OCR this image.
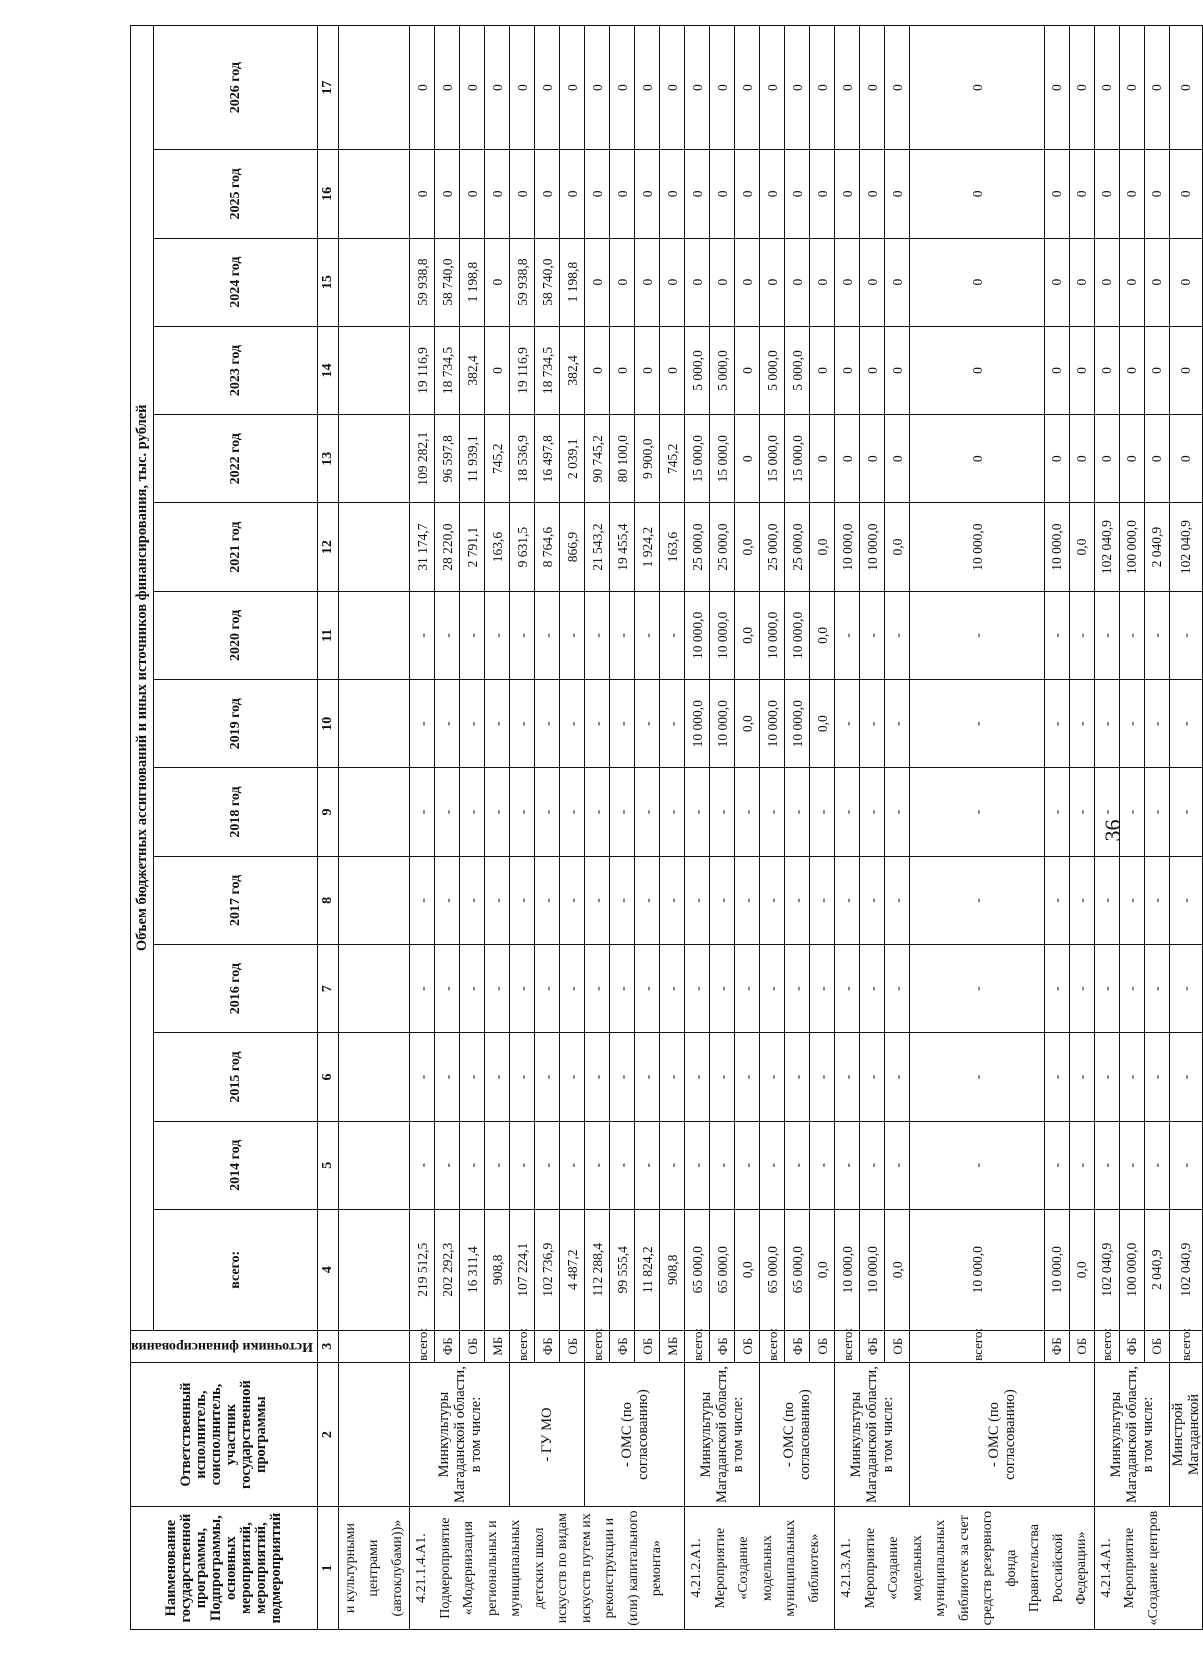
36
Наименование государственной программы, Подпрограммы, основных мероприятий, мероприятий, подмероприятий	Ответственный исполнитель, соисполнитель, участник государственной программы	Источники финансирования	Объем бюджетных ассигнований и иных источников финансирования, тыс. рублей													
			всего:	2014 год	2015 год	2016 год	2017 год	2018 год	2019 год	2020 год	2021 год	2022 год	2023 год	2024 год	2025 год	2026 год
1	2	3	4	5	6	7	8	9	10	11	12	13	14	15	16	17
и культурными центрами (автоклубами))»																
4.21.1.4.А1. Подмероприятие «Модернизация региональных и муниципальных детских школ искусств по видам искусств путем их реконструкции и (или) капитального ремонта»	Минкультуры Магаданской области, в том числе:	всего:	219 512,5	-	-	-	-	-	-	-	31 174,7	109 282,1	19 116,9	59 938,8	0	0
		ФБ	202 292,3	-	-	-	-	-	-	-	28 220,0	96 597,8	18 734,5	58 740,0	0	0
		ОБ	16 311,4	-	-	-	-	-	-	-	2 791,1	11 939,1	382,4	1 198,8	0	0
		МБ	908,8	-	-	-	-	-	-	-	163,6	745,2	0	0	0	0
	- ГУ МО	всего:	107 224,1	-	-	-	-	-	-	-	9 631,5	18 536,9	19 116,9	59 938,8	0	0
		ФБ	102 736,9	-	-	-	-	-	-	-	8 764,6	16 497,8	18 734,5	58 740,0	0	0
		ОБ	4 487,2	-	-	-	-	-	-	-	866,9	2 039,1	382,4	1 198,8	0	0
	- ОМС (по согласованию)	всего:	112 288,4	-	-	-	-	-	-	-	21 543,2	90 745,2	0	0	0	0
		ФБ	99 555,4	-	-	-	-	-	-	-	19 455,4	80 100,0	0	0	0	0
		ОБ	11 824,2	-	-	-	-	-	-	-	1 924,2	9 900,0	0	0	0	0
		МБ	908,8	-	-	-	-	-	-	-	163,6	745,2	0	0	0	0
4.21.2.А1. Мероприятие «Создание модельных муниципальных библиотек»	Минкультуры Магаданской области, в том числе:	всего:	65 000,0	-	-	-	-	-	10 000,0	10 000,0	25 000,0	15 000,0	5 000,0	0	0	0
		ФБ	65 000,0	-	-	-	-	-	10 000,0	10 000,0	25 000,0	15 000,0	5 000,0	0	0	0
		ОБ	0,0	-	-	-	-	-	0,0	0,0	0,0	0	0	0	0	0
	- ОМС (по согласованию)	всего:	65 000,0	-	-	-	-	-	10 000,0	10 000,0	25 000,0	15 000,0	5 000,0	0	0	0
		ФБ	65 000,0	-	-	-	-	-	10 000,0	10 000,0	25 000,0	15 000,0	5 000,0	0	0	0
		ОБ	0,0	-	-	-	-	-	0,0	0,0	0,0	0	0	0	0	0
4.21.3.А1. Мероприятие «Создание модельных муниципальных библиотек за счет средств резервного фонда Правительства Российской Федерации»	Минкультуры Магаданской области, в том числе:	всего:	10 000,0	-	-	-	-	-	-	-	10 000,0	0	0	0	0	0
		ФБ	10 000,0	-	-	-	-	-	-	-	10 000,0	0	0	0	0	0
		ОБ	0,0	-	-	-	-	-	-	-	0,0	0	0	0	0	0
	- ОМС (по согласованию)	всего:	10 000,0	-	-	-	-	-	-	-	10 000,0	0	0	0	0	0
		ФБ	10 000,0	-	-	-	-	-	-	-	10 000,0	0	0	0	0	0
		ОБ	0,0	-	-	-	-	-	-	-	0,0	0	0	0	0	0
4.21.4.А1. Мероприятие «Создание центров	Минкультуры Магаданской области, в том числе:	всего:	102 040,9	-	-	-	-	-	-	-	102 040,9	0	0	0	0	0
		ФБ	100 000,0	-	-	-	-	-	-	-	100 000,0	0	0	0	0	0
		ОБ	2 040,9	-	-	-	-	-	-	-	2 040,9	0	0	0	0	0
	Минстрой Магаданской	всего:	102 040,9	-	-	-	-	-	-	-	102 040,9	0	0	0	0	0
